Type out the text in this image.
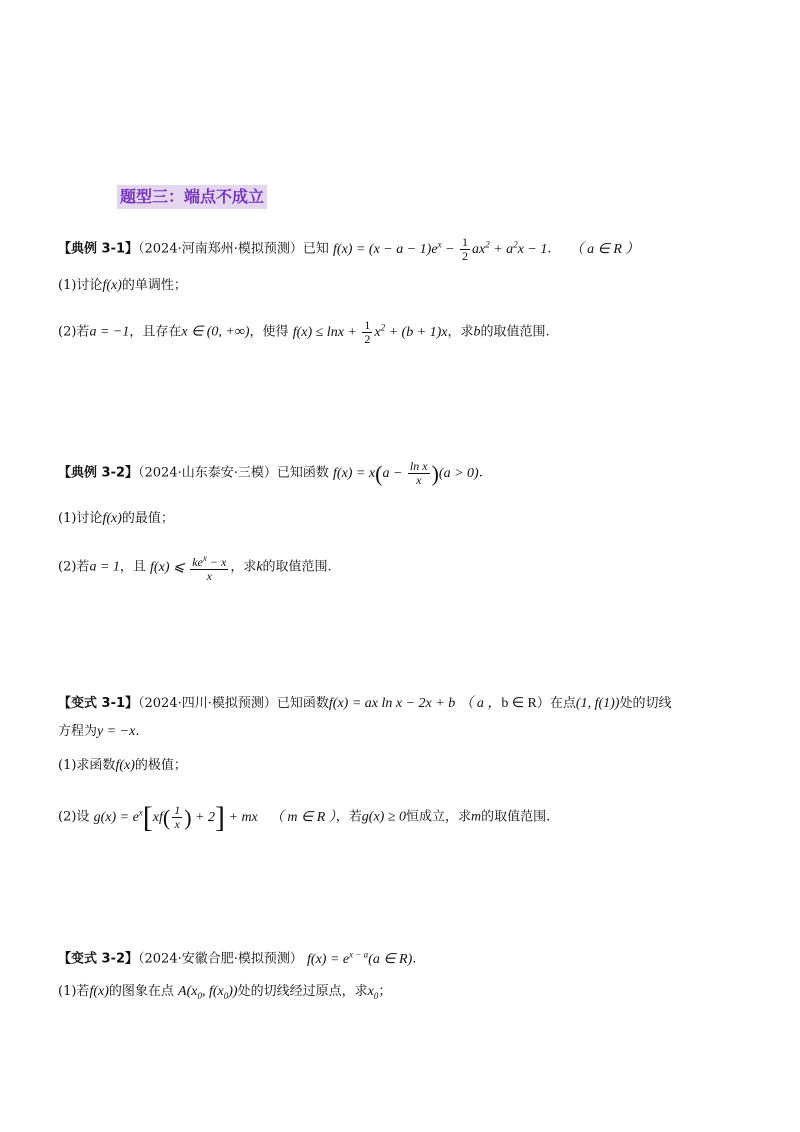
题型三：端点不成立
【典例 3-1】（2024·河南郑州·模拟预测）已知 $f(x) = (x - a - 1)e^x - \frac{1}{2} ax^2 + a^2x - 1$. （ a ∈ R ）
(1)讨论f(x)的单调性；
(2)若a = −1，且存在x ∈ (0, +∞)，使得 $f(x) \le \ln x + \frac{1}{2} x^2 + (b + 1)x$，求b的取值范围.
【典例 3-2】（2024·山东泰安·三模）已知函数 $f(x) = x(a - \frac{\text{ln x}}{x} )(a > 0)$.
(1)讨论f(x)的最值；
(2)若a = 1，且 f(x) ⩽ $\frac{ke^x - x}{x}$ ，求k的取值范围.
【变式 3-1】（2024·四川·模拟预测）已知函数f(x) = ax ln x − 2x + b （ a ，b ∈ R）在点(1, f(1))处的切线
方程为y = −x.
(1)求函数f(x)的极值；
(2)设 $g(x) = e^x[xf( \frac{1}{x}$ ) + 2] + mx （ m ∈ R ），若g(x) ≥ 0恒成立，求m的取值范围.
【变式 3-2】（2024·安徽合肥·模拟预测） $f(x) = e^{x - a}(a$ ∈ R).
(1)若f(x)的图象在点 $A(x_0$, $f(x_0)$)处的切线经过原点，求$x_0$；
